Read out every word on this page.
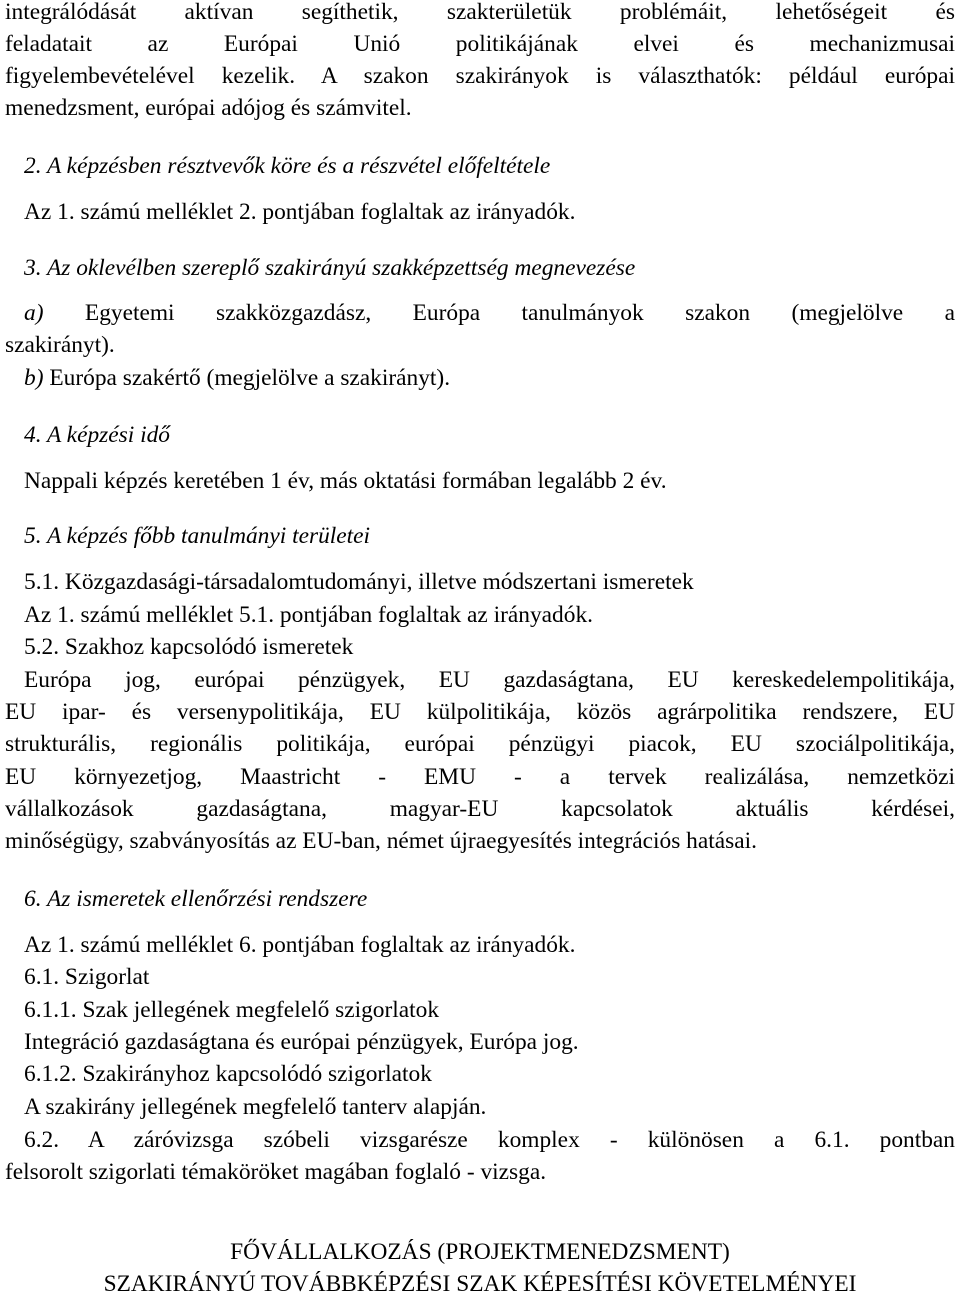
integrálódását aktívan segíthetik, szakterületük problémáit, lehetőségeit és

feladatait az Európai Unió politikájának elvei és mechanizmusai

figyelembevételével kezelik. A szakon szakirányok is választhatók: például európai

menedzsment, európai adójog és számvitel.

2. A képzésben résztvevők köre és a részvétel előfeltétele

Az 1. számú melléklet 2. pontjában foglaltak az irányadók.

3. Az oklevélben szereplő szakirányú szakképzettség megnevezése

a) Egyetemi szakközgazdász, Európa tanulmányok szakon (megjelölve a

szakirányt).

b) Európa szakértő (megjelölve a szakirányt).

4. A képzési idő

Nappali képzés keretében 1 év, más oktatási formában legalább 2 év.

5. A képzés főbb tanulmányi területei

5.1. Közgazdasági-társadalomtudományi, illetve módszertani ismeretek

Az 1. számú melléklet 5.1. pontjában foglaltak az irányadók.

5.2. Szakhoz kapcsolódó ismeretek

Európa jog, európai pénzügyek, EU gazdaságtana, EU kereskedelempolitikája,

EU ipar- és versenypolitikája, EU külpolitikája, közös agrárpolitika rendszere, EU

strukturális, regionális politikája, európai pénzügyi piacok, EU szociálpolitikája,

EU környezetjog, Maastricht - EMU - a tervek realizálása, nemzetközi

vállalkozások gazdaságtana, magyar-EU kapcsolatok aktuális kérdései,

minőségügy, szabványosítás az EU-ban, német újraegyesítés integrációs hatásai.

6. Az ismeretek ellenőrzési rendszere

Az 1. számú melléklet 6. pontjában foglaltak az irányadók.

6.1. Szigorlat

6.1.1. Szak jellegének megfelelő szigorlatok

Integráció gazdaságtana és európai pénzügyek, Európa jog.

6.1.2. Szakirányhoz kapcsolódó szigorlatok

A szakirány jellegének megfelelő tanterv alapján.

6.2. A záróvizsga szóbeli vizsgarésze komplex - különösen a 6.1. pontban

felsorolt szigorlati témaköröket magában foglaló - vizsga.

FŐVÁLLALKOZÁS (PROJEKTMENEDZSMENT)

SZAKIRÁNYÚ TOVÁBBKÉPZÉSI SZAK KÉPESÍTÉSI KÖVETELMÉNYEI
